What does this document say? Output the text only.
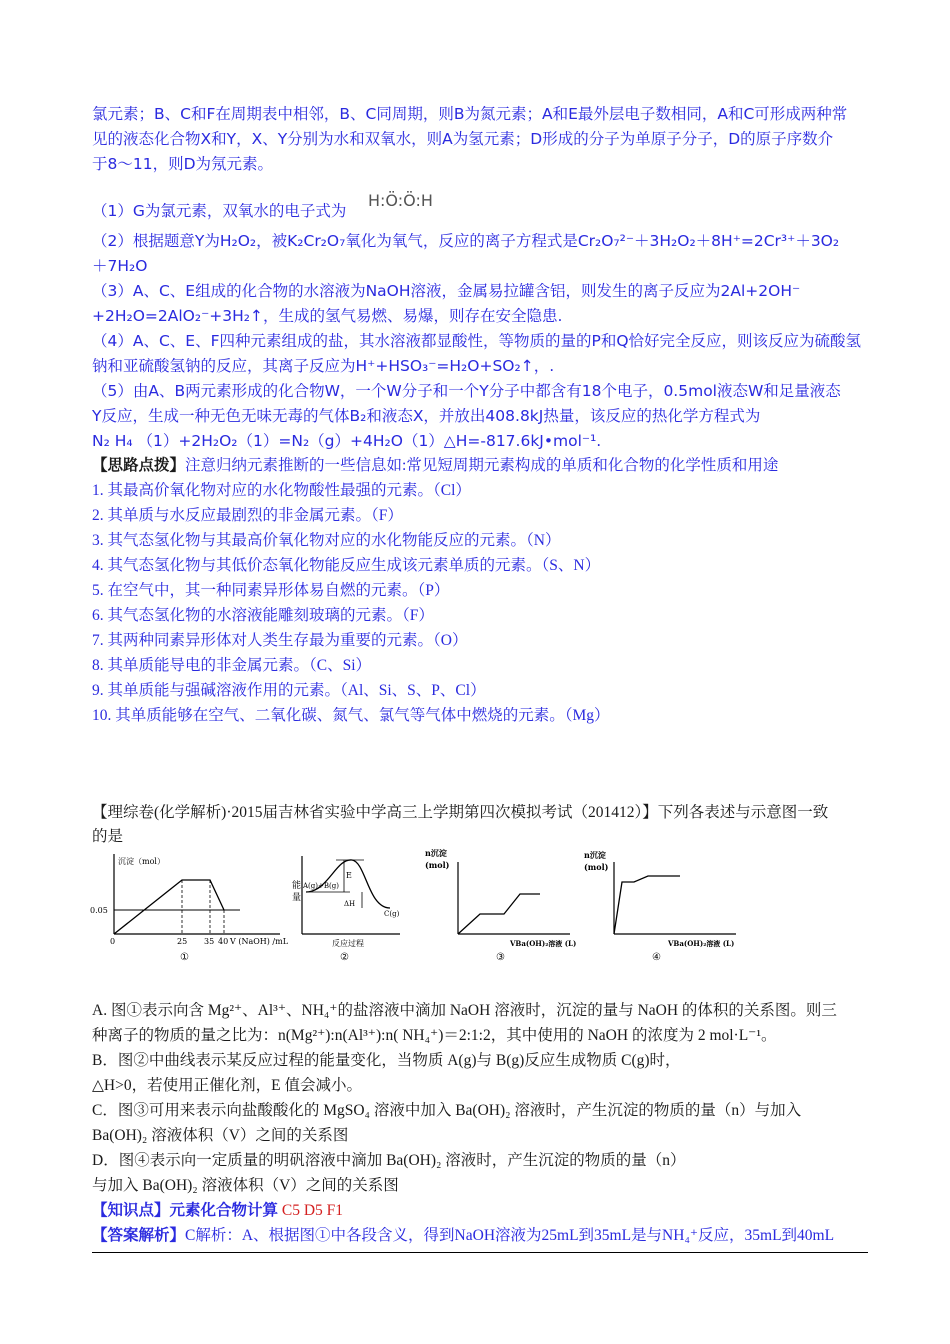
氯元素；B、C和F在周期表中相邻，B、C同周期，则B为氮元素；A和E最外层电子数相同，A和C可形成两种常
见的液态化合物X和Y，X、Y分别为水和双氧水，则A为氢元素；D形成的分子为单原子分子，D的原子序数介
于8～11，则D为氖元素。
（1）G为氯元素，双氧水的电子式为
H:Ö:Ö:H
（2）根据题意Y为H₂O₂，被K₂Cr₂O₇氧化为氧气，反应的离子方程式是Cr₂O₇²⁻＋3H₂O₂＋8H⁺=2Cr³⁺＋3O₂
＋7H₂O
（3）A、C、E组成的化合物的水溶液为NaOH溶液，金属易拉罐含铝，则发生的离子反应为2Al+2OH⁻
+2H₂O=2AlO₂⁻+3H₂↑，生成的氢气易燃、易爆，则存在安全隐患.
（4）A、C、E、F四种元素组成的盐，其水溶液都显酸性，等物质的量的P和Q恰好完全反应，则该反应为硫酸氢
钠和亚硫酸氢钠的反应，其离子反应为H⁺+HSO₃⁻=H₂O+SO₂↑，.
（5）由A、B两元素形成的化合物W，一个W分子和一个Y分子中都含有18个电子，0.5mol液态W和足量液态
Y反应，生成一种无色无味无毒的气体B₂和液态X，并放出408.8kJ热量，该反应的热化学方程式为
N₂ H₄ （1）+2H₂O₂（1）=N₂（g）+4H₂O（1）△H=-817.6kJ•mol⁻¹.
【思路点拨】注意归纳元素推断的一些信息如:常见短周期元素构成的单质和化合物的化学性质和用途
1. 其最高价氧化物对应的水化物酸性最强的元素。（Cl）
2. 其单质与水反应最剧烈的非金属元素。（F）
3. 其气态氢化物与其最高价氧化物对应的水化物能反应的元素。（N）
4. 其气态氢化物与其低价态氧化物能反应生成该元素单质的元素。（S、N）
5. 在空气中，其一种同素异形体易自燃的元素。（P）
6. 其气态氢化物的水溶液能雕刻玻璃的元素。（F）
7. 其两种同素异形体对人类生存最为重要的元素。（O）
8. 其单质能导电的非金属元素。（C、Si）
9. 其单质能与强碱溶液作用的元素。（Al、Si、S、P、Cl）
10. 其单质能够在空气、二氧化碳、氮气、氯气等气体中燃烧的元素。（Mg）
【理综卷(化学解析)·2015届吉林省实验中学高三上学期第四次模拟考试（201412）】下列各表述与示意图一致
的是
沉淀（mol）
0.05
0	25 35 40 V (NaOH) /mL
①
能
量
A(g)+B(g)
E
ΔH
C(g)
反应过程
②
n沉淀
(mol)
VBa(OH)₂溶液 (L)
③
n沉淀
(mol)
VBa(OH)₂溶液 (L)
④
A. 图①表示向含 Mg²⁺、Al³⁺、NH₄⁺的盐溶液中滴加 NaOH 溶液时，沉淀的量与 NaOH 的体积的关系图。则三
种离子的物质的量之比为：n(Mg²⁺):n(Al³⁺):n( NH₄⁺)＝2:1:2，其中使用的 NaOH 的浓度为 2 mol·L⁻¹。
B．图②中曲线表示某反应过程的能量变化，当物质 A(g)与 B(g)反应生成物质 C(g)时，
△H>0，若使用正催化剂，E 值会减小。
C．图③可用来表示向盐酸酸化的 MgSO₄ 溶液中加入 Ba(OH)₂ 溶液时，产生沉淀的物质的量（n）与加入
Ba(OH)₂ 溶液体积（V）之间的关系图
D．图④表示向一定质量的明矾溶液中滴加 Ba(OH)₂ 溶液时，产生沉淀的物质的量（n）
与加入 Ba(OH)₂ 溶液体积（V）之间的关系图
【知识点】元素化合物计算 C5 D5 F1
【答案解析】C解析：A、根据图①中各段含义，得到NaOH溶液为25mL到35mL是与NH₄⁺反应，35mL到40mL
